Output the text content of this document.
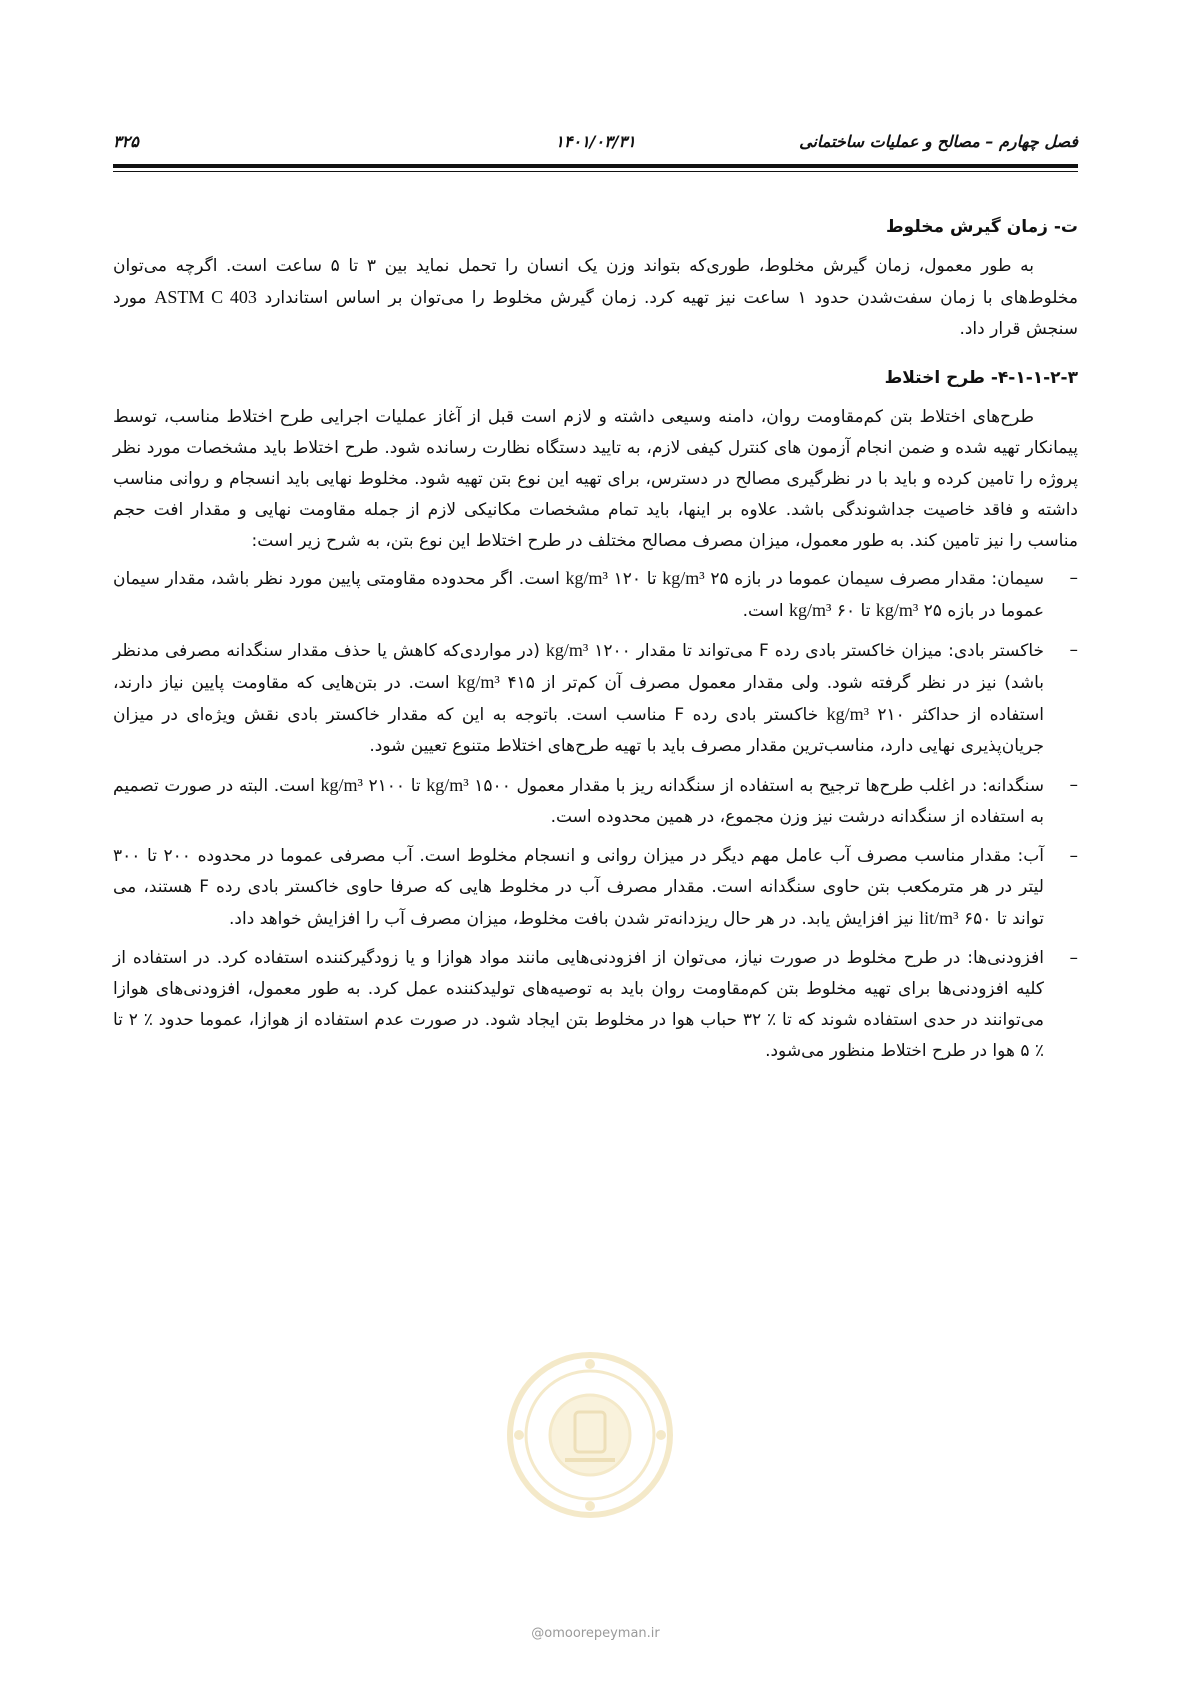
فصل چهارم – مصالح و عملیات ساختمانی
۱۴۰۱/۰۳/۳۱
۳۲۵
ت- زمان گیرش مخلوط

به طور معمول، زمان گیرش مخلوط، طوری‌که بتواند وزن یک انسان را تحمل نماید بین ۳ تا ۵ ساعت است. اگرچه می‌توان مخلوط‌های با زمان سفت‌شدن حدود ۱ ساعت نیز تهیه کرد. زمان گیرش مخلوط را می‌توان بر اساس استاندارد ASTM C 403 مورد سنجش قرار داد.

۴-۱-۱-۲-۳- طرح اختلاط

طرح‌های اختلاط بتن کم‌مقاومت روان، دامنه وسیعی داشته و لازم است قبل از آغاز عملیات اجرایی طرح اختلاط مناسب، توسط پیمانکار تهیه شده و ضمن انجام آزمون های کنترل کیفی لازم، به تایید دستگاه نظارت رسانده شود. طرح اختلاط باید مشخصات مورد نظر پروژه را تامین کرده و باید با در نظرگیری مصالح در دسترس، برای تهیه این نوع بتن تهیه شود. مخلوط نهایی باید انسجام و روانی مناسب داشته و فاقد خاصیت جداشوندگی باشد. علاوه بر اینها، باید تمام مشخصات مکانیکی لازم از جمله مقاومت نهایی و مقدار افت حجم مناسب را نیز تامین کند. به طور معمول، میزان مصرف مصالح مختلف در طرح اختلاط این نوع بتن، به شرح زیر است:

–
سیمان: مقدار مصرف سیمان عموما در بازه ۲۵ kg/m³ تا ۱۲۰ kg/m³ است. اگر محدوده مقاومتی پایین مورد نظر باشد، مقدار سیمان عموما در بازه ۲۵ kg/m³ تا ۶۰ kg/m³ است.
–
خاکستر بادی: میزان خاکستر بادی رده F می‌تواند تا مقدار ۱۲۰۰ kg/m³ (در مواردی‌که کاهش یا حذف مقدار سنگدانه مصرفی مدنظر باشد) نیز در نظر گرفته شود. ولی مقدار معمول مصرف آن کم‌تر از ۴۱۵ kg/m³ است. در بتن‌هایی که مقاومت پایین نیاز دارند، استفاده از حداکثر ۲۱۰ kg/m³ خاکستر بادی رده F مناسب است. باتوجه به این که مقدار خاکستر بادی نقش ویژه‌ای در میزان جریان‌پذیری نهایی دارد، مناسب‌ترین مقدار مصرف باید با تهیه طرح‌های اختلاط متنوع تعیین شود.
–
سنگدانه: در اغلب طرح‌ها ترجیح به استفاده از سنگدانه ریز با مقدار معمول ۱۵۰۰ kg/m³ تا ۲۱۰۰ kg/m³ است. البته در صورت تصمیم به استفاده از سنگدانه درشت نیز وزن مجموع، در همین محدوده است.
–
آب: مقدار مناسب مصرف آب عامل مهم دیگر در میزان روانی و انسجام مخلوط است. آب مصرفی عموما در محدوده ۲۰۰ تا ۳۰۰ لیتر در هر مترمکعب بتن حاوی سنگدانه است. مقدار مصرف آب در مخلوط هایی که صرفا حاوی خاکستر بادی رده F هستند، می تواند تا ۶۵۰ lit/m³ نیز افزایش یابد. در هر حال ریزدانه‌تر شدن بافت مخلوط، میزان مصرف آب را افزایش خواهد داد.
–
افزودنی‌ها: در طرح مخلوط در صورت نیاز، می‌توان از افزودنی‌هایی مانند مواد هوازا و یا زودگیرکننده استفاده کرد. در استفاده از کلیه افزودنی‌ها برای تهیه مخلوط بتن کم‌مقاومت روان باید به توصیه‌های تولیدکننده عمل کرد. به طور معمول، افزودنی‌های هوازا می‌توانند در حدی استفاده شوند که تا ٪ ۳۲ حباب هوا در مخلوط بتن ایجاد شود. در صورت عدم استفاده از هوازا، عموما حدود ٪ ۲ تا ٪ ۵ هوا در طرح اختلاط منظور می‌شود.
@omoorepeyman.ir
